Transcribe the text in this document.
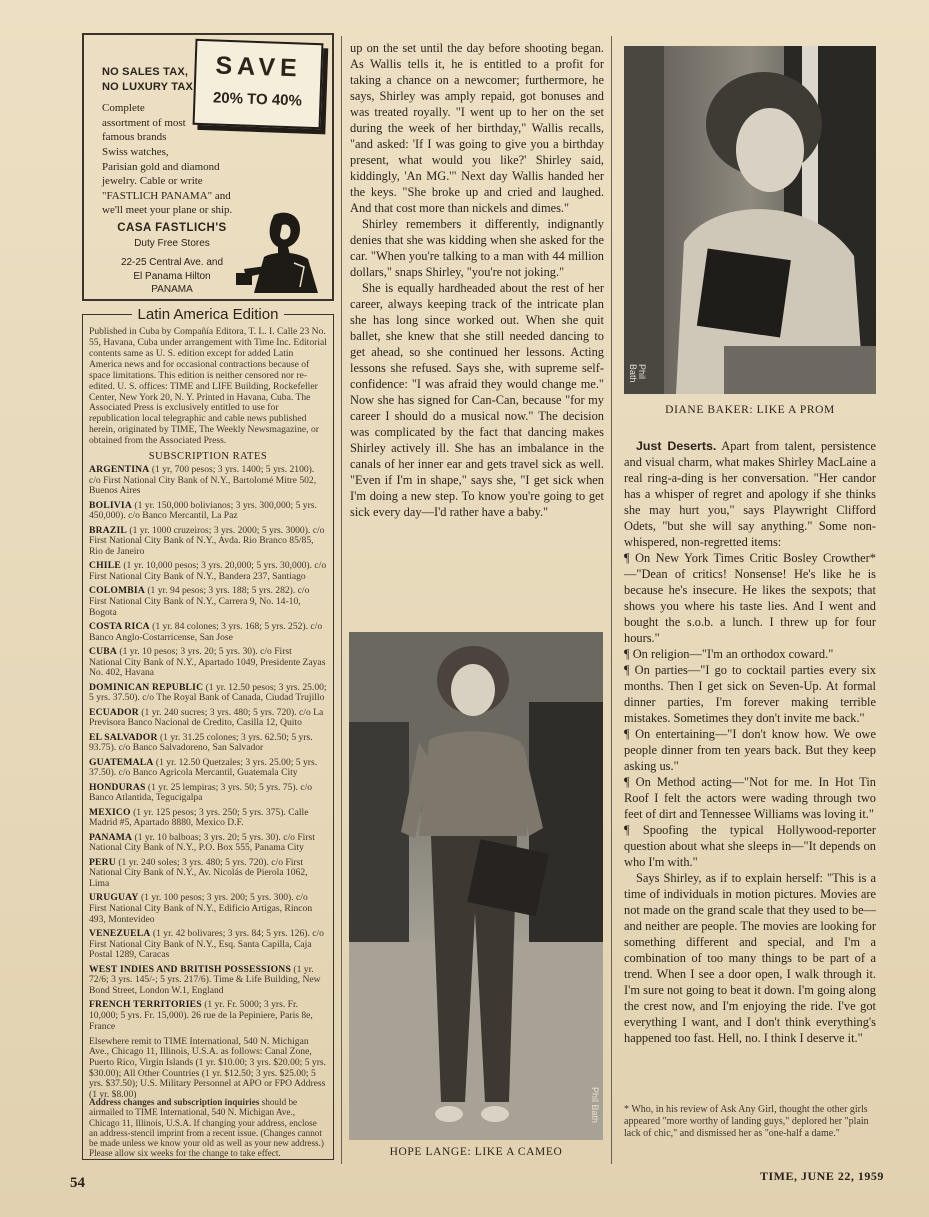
NO SALES TAX,
NO LUXURY TAX
SAVE
20% TO 40%
Complete
assortment of most
famous brands
Swiss watches,
Parisian gold and diamond
jewelry. Cable or write
"FASTLICH PANAMA" and
we'll meet your plane or ship.
CASA FASTLICH'S
Duty Free Stores
22-25 Central Ave. and
El Panama Hilton
PANAMA
Latin America Edition
Published in Cuba by Compañía Editora, T. L. I. Calle 23 No. 55, Havana, Cuba under arrangement with Time Inc. Editorial contents same as U. S. edition except for added Latin America news and for occasional contractions because of space limitations. This edition is neither censored nor re-edited. U. S. offices: TIME and LIFE Building, Rockefeller Center, New York 20, N. Y. Printed in Havana, Cuba. The Associated Press is exclusively entitled to use for republication local telegraphic and cable news published herein, originated by TIME, The Weekly Newsmagazine, or obtained from the Associated Press.
SUBSCRIPTION RATES

ARGENTINA (1 yr, 700 pesos; 3 yrs. 1400; 5 yrs. 2100). c/o First National City Bank of N.Y., Bartolomé Mitre 502, Buenos Aires

BOLIVIA (1 yr. 150,000 bolivianos; 3 yrs. 300,000; 5 yrs. 450,000). c/o Banco Mercantil, La Paz

BRAZIL (1 yr. 1000 cruzeiros; 3 yrs. 2000; 5 yrs. 3000). c/o First National City Bank of N.Y., Avda. Rio Branco 85/85, Rio de Janeiro

CHILE (1 yr. 10,000 pesos; 3 yrs. 20,000; 5 yrs. 30,000). c/o First National City Bank of N.Y., Bandera 237, Santiago

COLOMBIA (1 yr. 94 pesos; 3 yrs. 188; 5 yrs. 282). c/o First National City Bank of N.Y., Carrera 9, No. 14-10, Bogota

COSTA RICA (1 yr. 84 colones; 3 yrs. 168; 5 yrs. 252). c/o Banco Anglo-Costarricense, San Jose

CUBA (1 yr. 10 pesos; 3 yrs. 20; 5 yrs. 30). c/o First National City Bank of N.Y., Apartado 1049, Presidente Zayas No. 402, Havana

DOMINICAN REPUBLIC (1 yr. 12.50 pesos; 3 yrs. 25.00; 5 yrs. 37.50). c/o The Royal Bank of Canada, Ciudad Trujillo

ECUADOR (1 yr. 240 sucres; 3 yrs. 480; 5 yrs. 720). c/o La Previsora Banco Nacional de Credito, Casilla 12, Quito

EL SALVADOR (1 yr. 31.25 colones; 3 yrs. 62.50; 5 yrs. 93.75). c/o Banco Salvadoreno, San Salvador

GUATEMALA (1 yr. 12.50 Quetzales; 3 yrs. 25.00; 5 yrs. 37.50). c/o Banco Agricola Mercantil, Guatemala City

HONDURAS (1 yr. 25 lempiras; 3 yrs. 50; 5 yrs. 75). c/o Banco Atlantida, Tegucigalpa

MEXICO (1 yr. 125 pesos; 3 yrs. 250; 5 yrs. 375). Calle Madrid #5, Apartado 8880, Mexico D.F.

PANAMA (1 yr. 10 balboas; 3 yrs. 20; 5 yrs. 30). c/o First National City Bank of N.Y., P.O. Box 555, Panama City

PERU (1 yr. 240 soles; 3 yrs. 480; 5 yrs. 720). c/o First National City Bank of N.Y., Av. Nicolás de Pierola 1062, Lima

URUGUAY (1 yr. 100 pesos; 3 yrs. 200; 5 yrs. 300). c/o First National City Bank of N.Y., Edificio Artigas, Rincon 493, Montevideo

VENEZUELA (1 yr. 42 bolivares; 3 yrs. 84; 5 yrs. 126). c/o First National City Bank of N.Y., Esq. Santa Capilla, Caja Postal 1289, Caracas

WEST INDIES AND BRITISH POSSESSIONS (1 yr. 72/6; 3 yrs. 145/-; 5 yrs. 217/6). Time & Life Building, New Bond Street, London W.1, England

FRENCH TERRITORIES (1 yr. Fr. 5000; 3 yrs. Fr. 10,000; 5 yrs. Fr. 15,000). 26 rue de la Pepiniere, Paris 8e, France

Elsewhere remit to TIME International, 540 N. Michigan Ave., Chicago 11, Illinois, U.S.A. as follows: Canal Zone, Puerto Rico, Virgin Islands (1 yr. $10.00; 3 yrs. $20.00; 5 yrs. $30.00); All Other Countries (1 yr. $12.50; 3 yrs. $25.00; 5 yrs. $37.50); U.S. Military Personnel at APO or FPO Address (1 yr. $8.00)

Address changes and subscription inquiries should be airmailed to TIME International, 540 N. Michigan Ave., Chicago 11, Illinois, U.S.A. If changing your address, enclose an address-stencil imprint from a recent issue. (Changes cannot be made unless we know your old as well as your new address.) Please allow six weeks for the change to take effect.

up on the set until the day before shooting began. As Wallis tells it, he is entitled to a profit for taking a chance on a newcomer; furthermore, he says, Shirley was amply repaid, got bonuses and was treated royally. "I went up to her on the set during the week of her birthday," Wallis recalls, "and asked: 'If I was going to give you a birthday present, what would you like?' Shirley said, kiddingly, 'An MG.'" Next day Wallis handed her the keys. "She broke up and cried and laughed. And that cost more than nickels and dimes."

Shirley remembers it differently, indignantly denies that she was kidding when she asked for the car. "When you're talking to a man with 44 million dollars," snaps Shirley, "you're not joking."

She is equally hardheaded about the rest of her career, always keeping track of the intricate plan she has long since worked out. When she quit ballet, she knew that she still needed dancing to get ahead, so she continued her lessons. Acting lessons she refused. Says she, with supreme self-confidence: "I was afraid they would change me." Now she has signed for Can-Can, because "for my career I should do a musical now." The decision was complicated by the fact that dancing makes Shirley actively ill. She has an imbalance in the canals of her inner ear and gets travel sick as well. "Even if I'm in shape," says she, "I get sick when I'm doing a new step. To know you're going to get sick every day—I'd rather have a baby."

Phil Bath
HOPE LANGE: LIKE A CAMEO
Phil Bath
DIANE BAKER: LIKE A PROM

Just Deserts. Apart from talent, persistence and visual charm, what makes Shirley MacLaine a real ring-a-ding is her conversation. "Her candor has a whisper of regret and apology if she thinks she may hurt you," says Playwright Clifford Odets, "but she will say anything." Some non-whispered, non-regretted items:

¶ On New York Times Critic Bosley Crowther*—"Dean of critics! Nonsense! He's like he is because he's insecure. He likes the sexpots; that shows you where his taste lies. And I went and bought the s.o.b. a lunch. I threw up for four hours."

¶ On religion—"I'm an orthodox coward."

¶ On parties—"I go to cocktail parties every six months. Then I get sick on Seven-Up. At formal dinner parties, I'm forever making terrible mistakes. Sometimes they don't invite me back."

¶ On entertaining—"I don't know how. We owe people dinner from ten years back. But they keep asking us."

¶ On Method acting—"Not for me. In Hot Tin Roof I felt the actors were wading through two feet of dirt and Tennessee Williams was loving it."

¶ Spoofing the typical Hollywood-reporter question about what she sleeps in—"It depends on who I'm with."

Says Shirley, as if to explain herself: "This is a time of individuals in motion pictures. Movies are not made on the grand scale that they used to be—and neither are people. The movies are looking for something different and special, and I'm a combination of too many things to be part of a trend. When I see a door open, I walk through it. I'm sure not going to beat it down. I'm going along the crest now, and I'm enjoying the ride. I've got everything I want, and I don't think everything's happened too fast. Hell, no. I think I deserve it."

* Who, in his review of Ask Any Girl, thought the other girls appeared "more worthy of landing guys," deplored her "plain lack of chic," and dismissed her as "one-half a dame."
54	TIME, JUNE 22, 1959
